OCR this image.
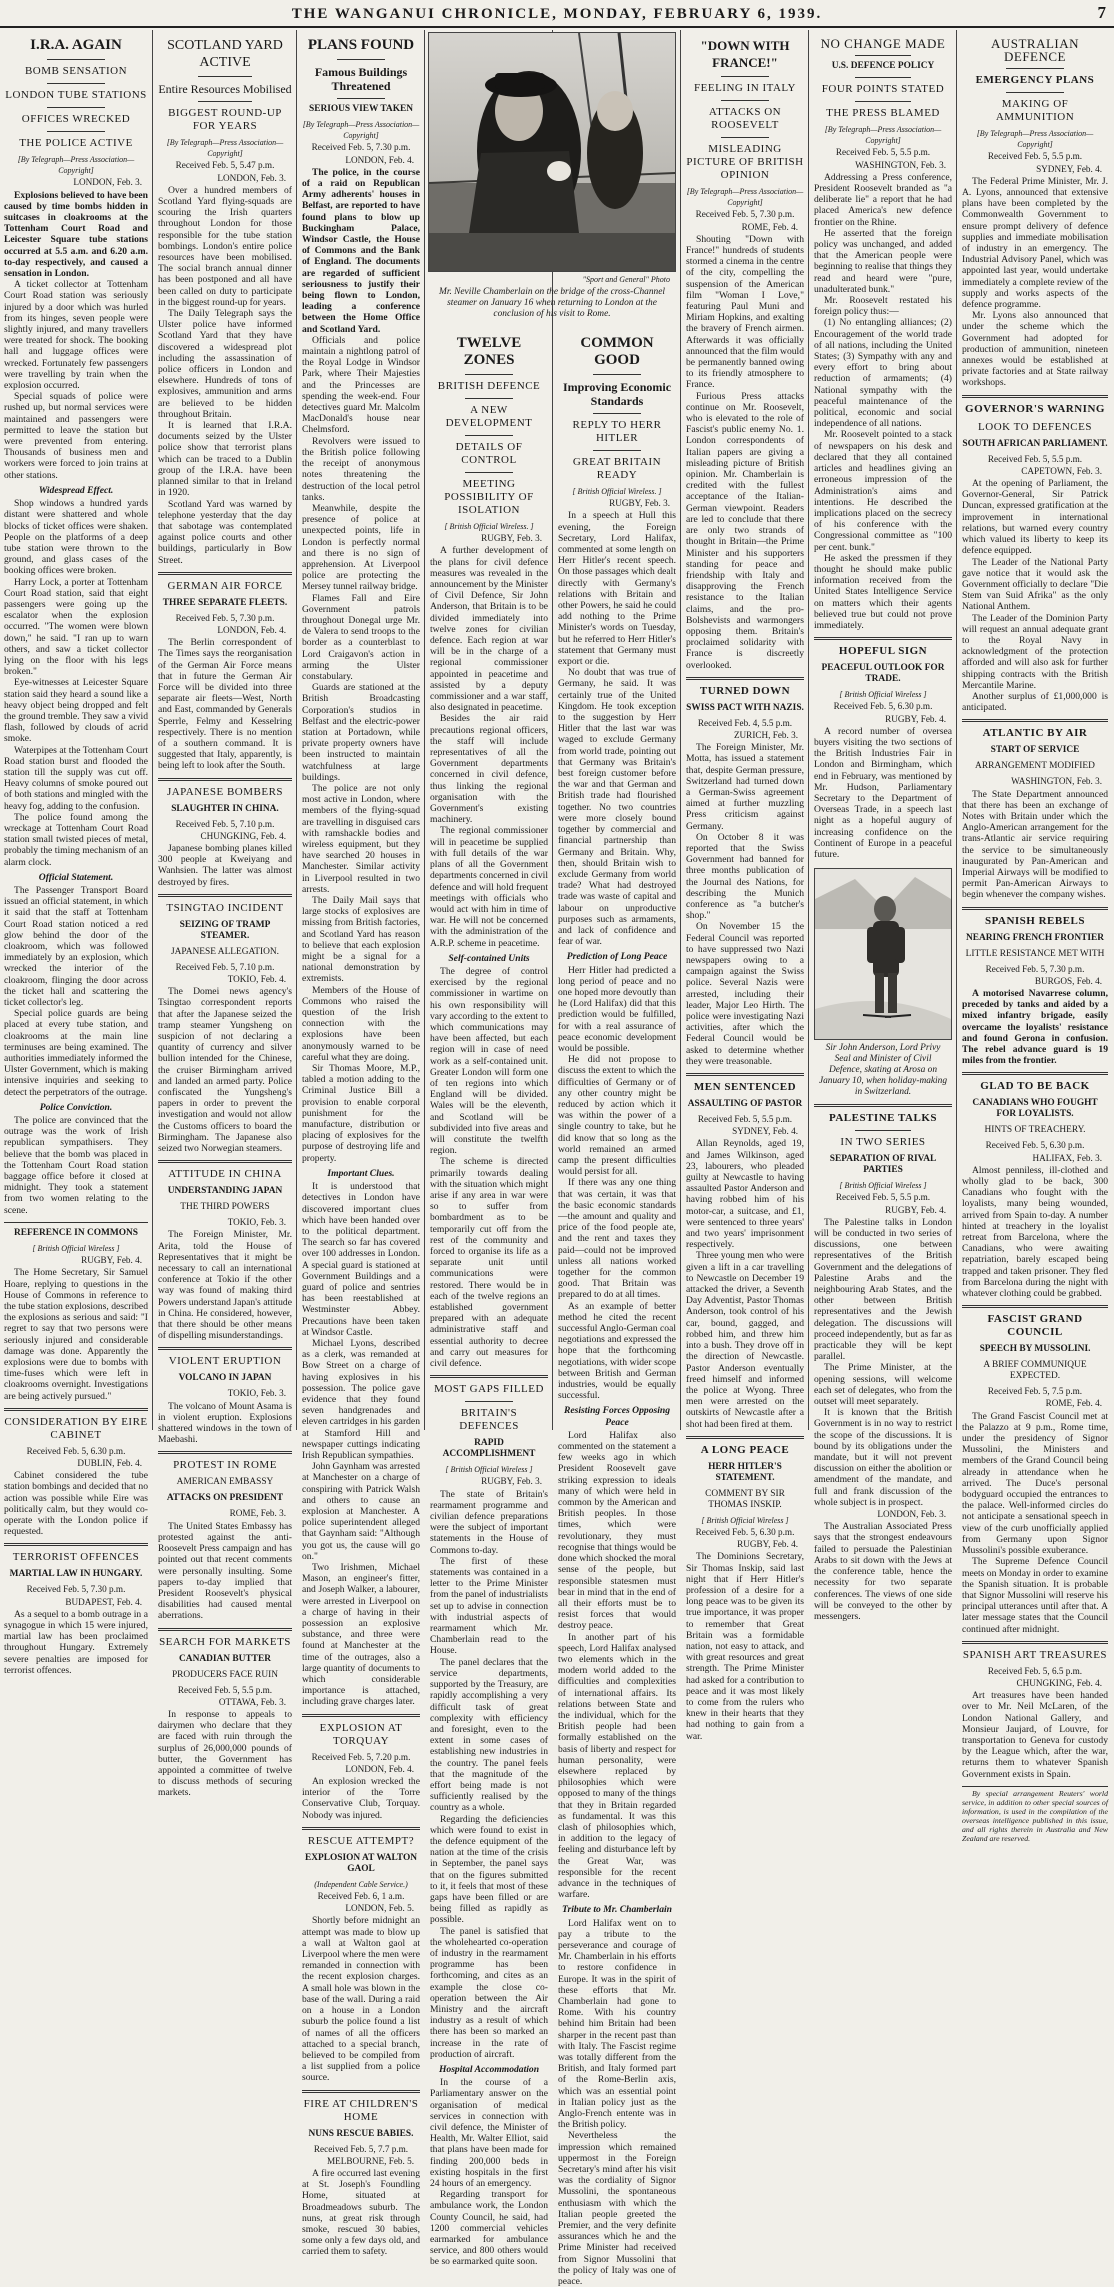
THE WANGANUI CHRONICLE, MONDAY, FEBRUARY 6, 1939.	7
I.R.A. AGAIN
BOMB SENSATION
LONDON TUBE STATIONS
OFFICES WRECKED
THE POLICE ACTIVE
[By Telegraph—Press Association—Copyright]
LONDON, Feb. 3.

Explosions believed to have been caused by time bombs hidden in suitcases in cloakrooms at the Tottenham Court Road and Leicester Square tube stations occurred at 5.5 a.m. and 6.20 a.m. to-day respectively, and caused a sensation in London.

A ticket collector at Tottenham Court Road station was seriously injured by a door which was hurled from its hinges, seven people were slightly injured, and many travellers were treated for shock. The booking hall and luggage offices were wrecked. Fortunately few passengers were travelling by train when the explosion occurred.

Special squads of police were rushed up, but normal services were maintained and passengers were permitted to leave the station but were prevented from entering. Thousands of business men and workers were forced to join trains at other stations.

Widespread Effect.

Shop windows a hundred yards distant were shattered and whole blocks of ticket offices were shaken. People on the platforms of a deep tube station were thrown to the ground, and glass cases of the booking offices were broken.

Harry Lock, a porter at Tottenham Court Road station, said that eight passengers were going up the escalator when the explosion occurred. "The women were blown down," he said. "I ran up to warn others, and saw a ticket collector lying on the floor with his legs broken."

Eye-witnesses at Leicester Square station said they heard a sound like a heavy object being dropped and felt the ground tremble. They saw a vivid flash, followed by clouds of acrid smoke.

Waterpipes at the Tottenham Court Road station burst and flooded the station till the supply was cut off. Heavy columns of smoke poured out of both stations and mingled with the heavy fog, adding to the confusion.

The police found among the wreckage at Tottenham Court Road station small twisted pieces of metal, probably the timing mechanism of an alarm clock.

Official Statement.

The Passenger Transport Board issued an official statement, in which it said that the staff at Tottenham Court Road station noticed a red glow behind the door of the cloakroom, which was followed immediately by an explosion, which wrecked the interior of the cloakroom, flinging the door across the ticket hall and scattering the ticket collector's leg.

Special police guards are being placed at every tube station, and cloakrooms at the main line terminuses are being examined. The authorities immediately informed the Ulster Government, which is making intensive inquiries and seeking to detect the perpetrators of the outrage.

Police Conviction.

The police are convinced that the outrage was the work of Irish republican sympathisers. They believe that the bomb was placed in the Tottenham Court Road station baggage office before it closed at midnight. They took a statement from two women relating to the scene.

REFERENCE IN COMMONS
[ British Official Wireless ]
RUGBY, Feb. 4.

The Home Secretary, Sir Samuel Hoare, replying to questions in the House of Commons in reference to the tube station explosions, described the explosions as serious and said: "I regret to say that two persons were seriously injured and considerable damage was done. Apparently the explosions were due to bombs with time-fuses which were left in cloakrooms overnight. Investigations are being actively pursued."

CONSIDERATION BY EIRE CABINET
Received Feb. 5, 6.30 p.m.
DUBLIN, Feb. 4.

Cabinet considered the tube station bombings and decided that no action was possible while Eire was politically calm, but they would co-operate with the London police if requested.

TERRORIST OFFENCES
MARTIAL LAW IN HUNGARY.
Received Feb. 5, 7.30 p.m.
BUDAPEST, Feb. 4.

As a sequel to a bomb outrage in a synagogue in which 15 were injured, martial law has been proclaimed throughout Hungary. Extremely severe penalties are imposed for terrorist offences.

SCOTLAND YARD ACTIVE
Entire Resources Mobilised
BIGGEST ROUND-UP FOR YEARS
[By Telegraph—Press Association—Copyright]
Received Feb. 5, 5.47 p.m.
LONDON, Feb. 3.

Over a hundred members of Scotland Yard flying-squads are scouring the Irish quarters throughout London for those responsible for the tube station bombings. London's entire police resources have been mobilised. The social branch annual dinner has been postponed and all have been called on duty to participate in the biggest round-up for years.

The Daily Telegraph says the Ulster police have informed Scotland Yard that they have discovered a widespread plot including the assassination of police officers in London and elsewhere. Hundreds of tons of explosives, ammunition and arms are believed to be hidden throughout Britain.

It is learned that I.R.A. documents seized by the Ulster police show that terrorist plans which can be traced to a Dublin group of the I.R.A. have been planned similar to that in Ireland in 1920.

Scotland Yard was warned by telephone yesterday that the day that sabotage was contemplated against police courts and other buildings, particularly in Bow Street.

GERMAN AIR FORCE
THREE SEPARATE FLEETS.
Received Feb. 5, 7.30 p.m.
LONDON, Feb. 4.

The Berlin correspondent of The Times says the reorganisation of the German Air Force means that in future the German Air Force will be divided into three separate air fleets—West, North and East, commanded by Generals Sperrle, Felmy and Kesselring respectively. There is no mention of a southern command. It is suggested that Italy, apparently, is being left to look after the South.

JAPANESE BOMBERS
SLAUGHTER IN CHINA.
Received Feb. 5, 7.10 p.m.
CHUNGKING, Feb. 4.

Japanese bombing planes killed 300 people at Kweiyang and Wanhsien. The latter was almost destroyed by fires.

TSINGTAO INCIDENT
SEIZING OF TRAMP STEAMER.
JAPANESE ALLEGATION.
Received Feb. 5, 7.10 p.m.
TOKIO, Feb. 4.

The Domei news agency's Tsingtao correspondent reports that after the Japanese seized the tramp steamer Yungsheng on suspicion of not declaring a quantity of currency and silver bullion intended for the Chinese, the cruiser Birmingham arrived and landed an armed party. Police confiscated the Yungsheng's papers in order to prevent the investigation and would not allow the Customs officers to board the Birmingham. The Japanese also seized two Norwegian steamers.

ATTITUDE IN CHINA
UNDERSTANDING JAPAN
THE THIRD POWERS
TOKIO, Feb. 3.

The Foreign Minister, Mr. Arita, told the House of Representatives that it might be necessary to call an international conference at Tokio if the other way was found of making third Powers understand Japan's attitude in China. He considered, however, that there should be other means of dispelling misunderstandings.

VIOLENT ERUPTION
VOLCANO IN JAPAN
TOKIO, Feb. 3.

The volcano of Mount Asama is in violent eruption. Explosions shattered windows in the town of Maebashi.

PROTEST IN ROME
AMERICAN EMBASSY
ATTACKS ON PRESIDENT
ROME, Feb. 3.

The United States Embassy has protested against the anti-Roosevelt Press campaign and has pointed out that recent comments were personally insulting. Some papers to-day implied that President Roosevelt's physical disabilities had caused mental aberrations.

SEARCH FOR MARKETS
CANADIAN BUTTER
PRODUCERS FACE RUIN
Received Feb. 5, 5.5 p.m.
OTTAWA, Feb. 3.

In response to appeals to dairymen who declare that they are faced with ruin through the surplus of 26,000,000 pounds of butter, the Government has appointed a committee of twelve to discuss methods of securing markets.

PLANS FOUND
Famous Buildings Threatened
SERIOUS VIEW TAKEN
[By Telegraph—Press Association—Copyright]
Received Feb. 5, 7.30 p.m.
LONDON, Feb. 4.

The police, in the course of a raid on Republican Army adherents' houses in Belfast, are reported to have found plans to blow up Buckingham Palace, Windsor Castle, the House of Commons and the Bank of England. The documents are regarded of sufficient seriousness to justify their being flown to London, leading a conference between the Home Office and Scotland Yard.

Officials and police maintain a nightlong patrol of the Royal Lodge in Windsor Park, where Their Majesties and the Princesses are spending the week-end. Four detectives guard Mr. Malcolm MacDonald's house near Chelmsford.

Revolvers were issued to the British police following the receipt of anonymous notes threatening the destruction of the local petrol tanks.

Meanwhile, despite the presence of police at unexpected points, life in London is perfectly normal and there is no sign of apprehension. At Liverpool police are protecting the Mersey tunnel railway bridge.

Flames Fall and Eire Government patrols throughout Donegal urge Mr. de Valera to send troops to the border as a counterblast to Lord Craigavon's action in arming the Ulster constabulary.

Guards are stationed at the British Broadcasting Corporation's studios in Belfast and the electric-power station at Portadown, while private property owners have been instructed to maintain watchfulness at large buildings.

The police are not only most active in London, where members of the flying-squad are travelling in disguised cars with ramshackle bodies and wireless equipment, but they have searched 20 houses in Manchester. Similar activity in Liverpool resulted in two arrests.

The Daily Mail says that large stocks of explosives are missing from British factories, and Scotland Yard has reason to believe that each explosion might be a signal for a national demonstration by extremists.

Members of the House of Commons who raised the question of the Irish connection with the explosions have been anonymously warned to be careful what they are doing.

Sir Thomas Moore, M.P., tabled a motion adding to the Criminal Justice Bill a provision to enable corporal punishment for the manufacture, distribution or placing of explosives for the purpose of destroying life and property.

Important Clues.

It is understood that detectives in London have discovered important clues which have been handed over to the political department. The search so far has covered over 100 addresses in London. A special guard is stationed at Government Buildings and a guard of police and sentries has been reestablished at Westminster Abbey. Precautions have been taken at Windsor Castle.

Michael Lyons, described as a clerk, was remanded at Bow Street on a charge of having explosives in his possession. The police gave evidence that they found seven handgrenades and eleven cartridges in his garden at Stamford Hill and newspaper cuttings indicating Irish Republican sympathies.

John Gaynham was arrested at Manchester on a charge of conspiring with Patrick Walsh and others to cause an explosion at Manchester. A police superintendent alleged that Gaynham said: "Although you got us, the cause will go on."

Two Irishmen, Michael Mason, an engineer's fitter, and Joseph Walker, a labourer, were arrested in Liverpool on a charge of having in their possession an explosive substance, and three were found at Manchester at the time of the outrages, also a large quantity of documents to which considerable importance is attached, including grave charges later.

EXPLOSION AT TORQUAY
Received Feb. 5, 7.20 p.m.
LONDON, Feb. 4.

An explosion wrecked the interior of the Torre Conservative Club, Torquay. Nobody was injured.

RESCUE ATTEMPT?
EXPLOSION AT WALTON GAOL
(Independent Cable Service.)
Received Feb. 6, 1 a.m.
LONDON, Feb. 5.

Shortly before midnight an attempt was made to blow up a wall at Walton gaol at Liverpool where the men were remanded in connection with the recent explosion charges. A small hole was blown in the base of the wall. During a raid on a house in a London suburb the police found a list of names of all the officers attached to a special branch, believed to be compiled from a list supplied from a police source.

FIRE AT CHILDREN'S HOME
NUNS RESCUE BABIES.
Received Feb. 5, 7.7 p.m.
MELBOURNE, Feb. 5.

A fire occurred last evening at St. Joseph's Foundling Home, situated at Broadmeadows suburb. The nuns, at great risk through smoke, rescued 30 babies, some only a few days old, and carried them to safety.

"Sport and General" Photo
Mr. Neville Chamberlain on the bridge of the cross-Channel steamer on January 16 when returning to London at the conclusion of his visit to Rome.
TWELVE ZONES
BRITISH DEFENCE
A NEW DEVELOPMENT
DETAILS OF CONTROL
MEETING POSSIBILITY OF ISOLATION
[ British Official Wireless. ]
RUGBY, Feb. 3.

A further development of the plans for civil defence measures was revealed in the announcement by the Minister of Civil Defence, Sir John Anderson, that Britain is to be divided immediately into twelve zones for civilian defence. Each region at war will be in the charge of a regional commissioner appointed in peacetime and assisted by a deputy commissioner and a war staff, also designated in peacetime.

Besides the air raid precautions regional officers, the staff will include representatives of all the Government departments concerned in civil defence, thus linking the regional organisation with the Government's existing machinery.

The regional commissioner will in peacetime be supplied with full details of the war plans of all the Government departments concerned in civil defence and will hold frequent meetings with officials who would act with him in time of war. He will not be concerned with the administration of the A.R.P. scheme in peacetime.

Self-contained Units

The degree of control exercised by the regional commissioner in wartime on his own responsibility will vary according to the extent to which communications may have been affected, but each region will in case of need work as a self-contained unit. Greater London will form one of ten regions into which England will be divided. Wales will be the eleventh, and Scotland will be subdivided into five areas and will constitute the twelfth region.

The scheme is directed primarily towards dealing with the situation which might arise if any area in war were so to suffer from bombardment as to be temporarily cut off from the rest of the community and forced to organise its life as a separate unit until communications were restored. There would be in each of the twelve regions an established government prepared with an adequate administrative staff and essential authority to decree and carry out measures for civil defence.

MOST GAPS FILLED
BRITAIN'S DEFENCES
RAPID ACCOMPLISHMENT
[ British Official Wireless ]
RUGBY, Feb. 3.

The state of Britain's rearmament programme and civilian defence preparations were the subject of important statements in the House of Commons to-day.

The first of these statements was contained in a letter to the Prime Minister from the panel of industrialists set up to advise in connection with industrial aspects of rearmament which Mr. Chamberlain read to the House.

The panel declares that the service departments, supported by the Treasury, are rapidly accomplishing a very difficult task of great complexity with efficiency and foresight, even to the extent in some cases of establishing new industries in the country. The panel feels that the magnitude of the effort being made is not sufficiently realised by the country as a whole.

Regarding the deficiencies which were found to exist in the defence equipment of the nation at the time of the crisis in September, the panel says that on the figures submitted to it, it feels that most of these gaps have been filled or are being filled as rapidly as possible.

The panel is satisfied that the wholehearted co-operation of industry in the rearmament programme has been forthcoming, and cites as an example the close co-operation between the Air Ministry and the aircraft industry as a result of which there has been so marked an increase in the rate of production of aircraft.

Hospital Accommodation

In the course of a Parliamentary answer on the organisation of medical services in connection with civil defence, the Minister of Health, Mr. Walter Elliot, said that plans have been made for finding 200,000 beds in existing hospitals in the first 24 hours of an emergency.

Regarding transport for ambulance work, the London County Council, he said, had 1200 commercial vehicles earmarked for ambulance service, and 800 others would be so earmarked quite soon.

COMMON GOOD
Improving Economic Standards
REPLY TO HERR HITLER
GREAT BRITAIN READY
[ British Official Wireless. ]
RUGBY, Feb. 3.

In a speech at Hull this evening, the Foreign Secretary, Lord Halifax, commented at some length on Herr Hitler's recent speech. On those passages which dealt directly with Germany's relations with Britain and other Powers, he said he could add nothing to the Prime Minister's words on Tuesday, but he referred to Herr Hitler's statement that Germany must export or die.

No doubt that was true of Germany, he said. It was certainly true of the United Kingdom. He took exception to the suggestion by Herr Hitler that the last war was waged to exclude Germany from world trade, pointing out that Germany was Britain's best foreign customer before the war and that German and British trade had flourished together. No two countries were more closely bound together by commercial and financial partnership than Germany and Britain. Why, then, should Britain wish to exclude Germany from world trade? What had destroyed trade was waste of capital and labour on unproductive purposes such as armaments, and lack of confidence and fear of war.

Prediction of Long Peace

Herr Hitler had predicted a long period of peace and no one hoped more devoutly than he (Lord Halifax) did that this prediction would be fulfilled, for with a real assurance of peace economic development would be possible.

He did not propose to discuss the extent to which the difficulties of Germany or of any other country might be reduced by action which it was within the power of a single country to take, but he did know that so long as the world remained an armed camp the present difficulties would persist for all.

If there was any one thing that was certain, it was that the basic economic standards—the amount and quality and price of the food people ate, and the rent and taxes they paid—could not be improved unless all nations worked together for the common good. That Britain was prepared to do at all times.

As an example of better method he cited the recent successful Anglo-German coal negotiations and expressed the hope that the forthcoming negotiations, with wider scope between British and German industries, would be equally successful.

Resisting Forces Opposing Peace

Lord Halifax also commented on the statement a few weeks ago in which President Roosevelt gave striking expression to ideals many of which were held in common by the American and British peoples. In those times, which were revolutionary, they must recognise that things would be done which shocked the moral sense of the people, but responsible statesmen must bear in mind that in the end of all their efforts must be to resist forces that would destroy peace.

In another part of his speech, Lord Halifax analysed two elements which in the modern world added to the difficulties and complexities of international affairs. Its relations between State and the individual, which for the British people had been formally established on the basis of liberty and respect for human personality, were elsewhere replaced by philosophies which were opposed to many of the things that they in Britain regarded as fundamental. It was this clash of philosophies which, in addition to the legacy of feeling and disturbance left by the Great War, was responsible for the recent advance in the techniques of warfare.

Tribute to Mr. Chamberlain

Lord Halifax went on to pay a tribute to the perseverance and courage of Mr. Chamberlain in his efforts to restore confidence in Europe. It was in the spirit of these efforts that Mr. Chamberlain had gone to Rome. With his country behind him Britain had been sharper in the recent past than with Italy. The Fascist regime was totally different from the British, and Italy formed part of the Rome-Berlin axis, which was an essential point in Italian policy just as the Anglo-French entente was in the British policy.

Nevertheless the impression which remained uppermost in the Foreign Secretary's mind after his visit was the cordiality of Signor Mussolini, the spontaneous enthusiasm with which the Italian people greeted the Premier, and the very definite assurances which he and the Prime Minister had received from Signor Mussolini that the policy of Italy was one of peace.

"DOWN WITH FRANCE!"
FEELING IN ITALY
ATTACKS ON ROOSEVELT
MISLEADING PICTURE OF BRITISH OPINION
[By Telegraph—Press Association—Copyright]
Received Feb. 5, 7.30 p.m.
ROME, Feb. 4.

Shouting "Down with France!" hundreds of students stormed a cinema in the centre of the city, compelling the suspension of the American film "Woman I Love," featuring Paul Muni and Miriam Hopkins, and exalting the bravery of French airmen. Afterwards it was officially announced that the film would be permanently banned owing to its friendly atmosphere to France.

Furious Press attacks continue on Mr. Roosevelt, who is elevated to the role of Fascist's public enemy No. 1. London correspondents of Italian papers are giving a misleading picture of British opinion. Mr. Chamberlain is credited with the fullest acceptance of the Italian-German viewpoint. Readers are led to conclude that there are only two strands of thought in Britain—the Prime Minister and his supporters standing for peace and friendship with Italy and disapproving the French resistance to the Italian claims, and the pro-Bolshevists and warmongers opposing them. Britain's proclaimed solidarity with France is discreetly overlooked.

TURNED DOWN
SWISS PACT WITH NAZIS.
Received Feb. 4, 5.5 p.m.
ZURICH, Feb. 3.

The Foreign Minister, Mr. Motta, has issued a statement that, despite German pressure, Switzerland had turned down a German-Swiss agreement aimed at further muzzling Press criticism against Germany.

On October 8 it was reported that the Swiss Government had banned for three months publication of the Journal des Nations, for describing the Munich conference as "a butcher's shop."

On November 15 the Federal Council was reported to have suppressed two Nazi newspapers owing to a campaign against the Swiss police. Several Nazis were arrested, including their leader, Major Leo Hirth. The police were investigating Nazi activities, after which the Federal Council would be asked to determine whether they were treasonable.

MEN SENTENCED
ASSAULTING OF PASTOR
Received Feb. 5, 5.5 p.m.
SYDNEY, Feb. 4.

Allan Reynolds, aged 19, and James Wilkinson, aged 23, labourers, who pleaded guilty at Newcastle to having assaulted Pastor Anderson and having robbed him of his motor-car, a suitcase, and £1, were sentenced to three years' and two years' imprisonment respectively.

Three young men who were given a lift in a car travelling to Newcastle on December 19 attacked the driver, a Seventh Day Adventist, Pastor Thomas Anderson, took control of his car, bound, gagged, and robbed him, and threw him into a bush. They drove off in the direction of Newcastle. Pastor Anderson eventually freed himself and informed the police at Wyong. Three men were arrested on the outskirts of Newcastle after a shot had been fired at them.

A LONG PEACE
HERR HITLER'S STATEMENT.
COMMENT BY SIR THOMAS INSKIP.
[ British Official Wireless ]
Received Feb. 5, 6.30 p.m.
RUGBY, Feb. 4.

The Dominions Secretary, Sir Thomas Inskip, said last night that if Herr Hitler's profession of a desire for a long peace was to be given its true importance, it was proper to remember that Great Britain was a formidable nation, not easy to attack, and with great resources and great strength. The Prime Minister had asked for a contribution to peace and it was most likely to come from the rulers who knew in their hearts that they had nothing to gain from a war.

NO CHANGE MADE
U.S. DEFENCE POLICY
FOUR POINTS STATED
THE PRESS BLAMED
[By Telegraph—Press Association—Copyright]
Received Feb. 5, 5.5 p.m.
WASHINGTON, Feb. 3.

Addressing a Press conference, President Roosevelt branded as "a deliberate lie" a report that he had placed America's new defence frontier on the Rhine.

He asserted that the foreign policy was unchanged, and added that the American people were beginning to realise that things they read and heard were "pure, unadulterated bunk."

Mr. Roosevelt restated his foreign policy thus:—

(1) No entangling alliances; (2) Encouragement of the world trade of all nations, including the United States; (3) Sympathy with any and every effort to bring about reduction of armaments; (4) National sympathy with the peaceful maintenance of the political, economic and social independence of all nations.

Mr. Roosevelt pointed to a stack of newspapers on his desk and declared that they all contained articles and headlines giving an erroneous impression of the Administration's aims and intentions. He described the implications placed on the secrecy of his conference with the Congressional committee as "100 per cent. bunk."

He asked the pressmen if they thought he should make public information received from the United States Intelligence Service on matters which their agents believed true but could not prove immediately.

HOPEFUL SIGN
PEACEFUL OUTLOOK FOR TRADE.
[ British Official Wireless ]
Received Feb. 5, 6.30 p.m.
RUGBY, Feb. 4.

A record number of oversea buyers visiting the two sections of the British Industries Fair in London and Birmingham, which end in February, was mentioned by Mr. Hudson, Parliamentary Secretary to the Department of Overseas Trade, in a speech last night as a hopeful augury of increasing confidence on the Continent of Europe in a peaceful future.

Sir John Anderson, Lord Privy Seal and Minister of Civil Defence, skating at Arosa on January 10, when holiday-making in Switzerland.
PALESTINE TALKS
IN TWO SERIES
SEPARATION OF RIVAL PARTIES
[ British Official Wireless ]
Received Feb. 5, 5.5 p.m.
RUGBY, Feb. 4.

The Palestine talks in London will be conducted in two series of discussions, one between representatives of the British Government and the delegations of Palestine Arabs and the neighbouring Arab States, and the other between British representatives and the Jewish delegation. The discussions will proceed independently, but as far as practicable they will be kept parallel.

The Prime Minister, at the opening sessions, will welcome each set of delegates, who from the outset will meet separately.

It is known that the British Government is in no way to restrict the scope of the discussions. It is bound by its obligations under the mandate, but it will not prevent discussion on either the abolition or amendment of the mandate, and full and frank discussion of the whole subject is in prospect.

LONDON, Feb. 3.

The Australian Associated Press says that the strongest endeavours failed to persuade the Palestinian Arabs to sit down with the Jews at the conference table, hence the necessity for two separate conferences. The views of one side will be conveyed to the other by messengers.

AUSTRALIAN DEFENCE
EMERGENCY PLANS
MAKING OF AMMUNITION
[By Telegraph—Press Association—Copyright]
Received Feb. 5, 5.5 p.m.
SYDNEY, Feb. 4.

The Federal Prime Minister, Mr. J. A. Lyons, announced that extensive plans have been completed by the Commonwealth Government to ensure prompt delivery of defence supplies and immediate mobilisation of industry in an emergency. The Industrial Advisory Panel, which was appointed last year, would undertake immediately a complete review of the supply and works aspects of the defence programme.

Mr. Lyons also announced that under the scheme which the Government had adopted for production of ammunition, nineteen annexes would be established at private factories and at State railway workshops.

GOVERNOR'S WARNING
LOOK TO DEFENCES
SOUTH AFRICAN PARLIAMENT.
Received Feb. 5, 5.5 p.m.
CAPETOWN, Feb. 3.

At the opening of Parliament, the Governor-General, Sir Patrick Duncan, expressed gratification at the improvement in international relations, but warned every country which valued its liberty to keep its defence equipped.

The Leader of the National Party gave notice that it would ask the Government officially to declare "Die Stem van Suid Afrika" as the only National Anthem.

The Leader of the Dominion Party will request an annual adequate grant to the Royal Navy in acknowledgment of the protection afforded and will also ask for further shipping contracts with the British Mercantile Marine.

Another surplus of £1,000,000 is anticipated.

ATLANTIC BY AIR
START OF SERVICE
ARRANGEMENT MODIFIED
WASHINGTON, Feb. 3.

The State Department announced that there has been an exchange of Notes with Britain under which the Anglo-American arrangement for the trans-Atlantic air service requiring the service to be simultaneously inaugurated by Pan-American and Imperial Airways will be modified to permit Pan-American Airways to begin whenever the company wishes.

SPANISH REBELS
NEARING FRENCH FRONTIER
LITTLE RESISTANCE MET WITH
Received Feb. 5, 7.30 p.m.
BURGOS, Feb. 4.

A motorised Navarrese column, preceded by tanks and aided by a mixed infantry brigade, easily overcame the loyalists' resistance and found Gerona in confusion. The rebel advance guard is 19 miles from the frontier.

GLAD TO BE BACK
CANADIANS WHO FOUGHT FOR LOYALISTS.
HINTS OF TREACHERY.
Received Feb. 5, 6.30 p.m.
HALIFAX, Feb. 3.

Almost penniless, ill-clothed and wholly glad to be back, 300 Canadians who fought with the loyalists, many being wounded, arrived from Spain to-day. A number hinted at treachery in the loyalist retreat from Barcelona, where the Canadians, who were awaiting repatriation, barely escaped being trapped and taken prisoner. They fled from Barcelona during the night with whatever clothing could be grabbed.

FASCIST GRAND COUNCIL
SPEECH BY MUSSOLINI.
A BRIEF COMMUNIQUE EXPECTED.
Received Feb. 5, 7.5 p.m.
ROME, Feb. 4.

The Grand Fascist Council met at the Palazzo at 9 p.m., Rome time, under the presidency of Signor Mussolini, the Ministers and members of the Grand Council being already in attendance when he arrived. The Duce's personal bodyguard occupied the entrances to the palace. Well-informed circles do not anticipate a sensational speech in view of the curb unofficially applied from Germany upon Signor Mussolini's possible exuberance.

The Supreme Defence Council meets on Monday in order to examine the Spanish situation. It is probable that Signor Mussolini will reserve his principal utterances until after that. A later message states that the Council continued after midnight.

SPANISH ART TREASURES
Received Feb. 5, 6.5 p.m.
CHUNGKING, Feb. 4.

Art treasures have been handed over to Mr. Neil McLaren, of the London National Gallery, and Monsieur Jaujard, of Louvre, for transportation to Geneva for custody by the League which, after the war, returns them to whatever Spanish Government exists in Spain.

By special arrangement Reuters' world service, in addition to other special sources of information, is used in the compilation of the overseas intelligence published in this issue, and all rights therein in Australia and New Zealand are reserved.
